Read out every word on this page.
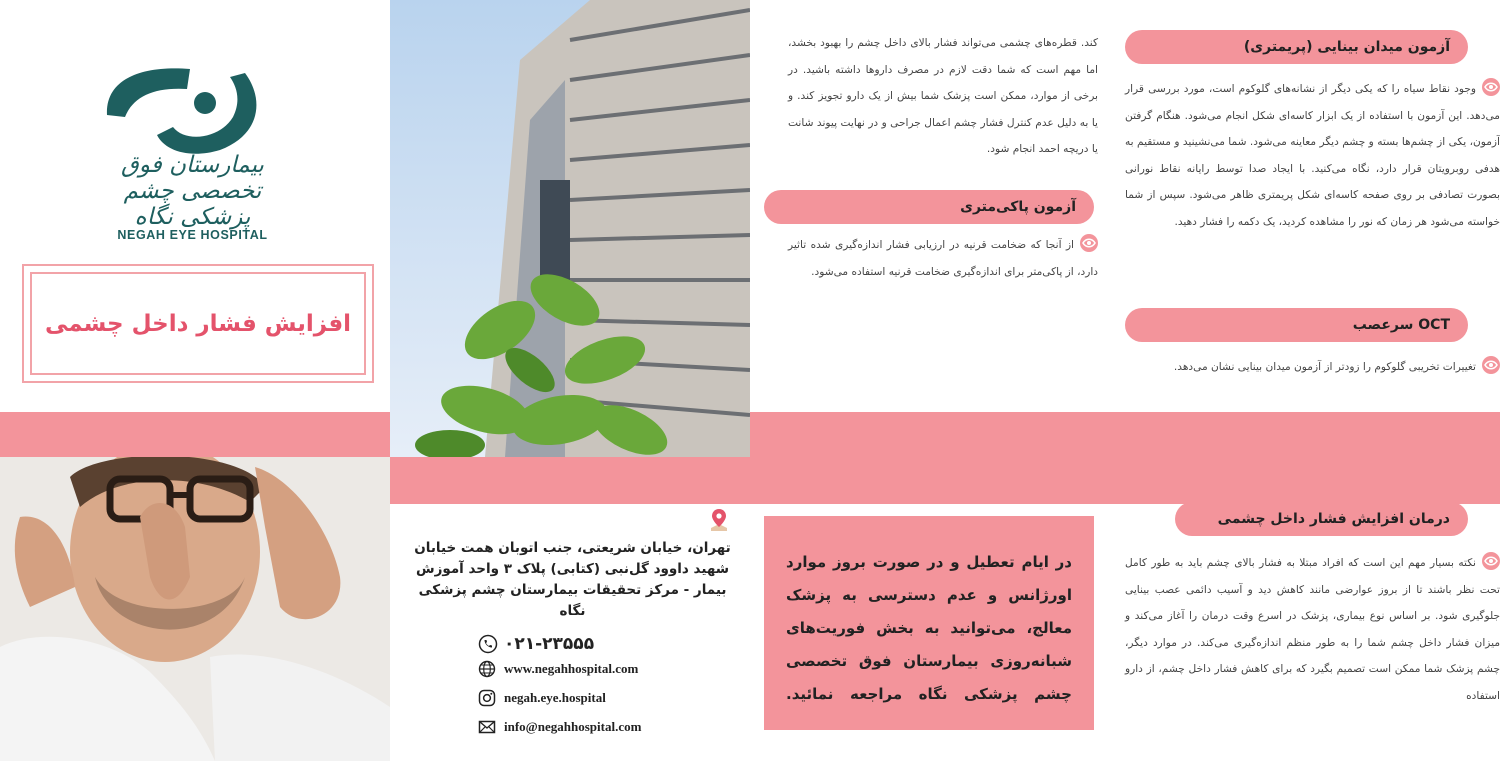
بیمارستان فوق تخصصی چشم پزشکی نگاه
NEGAH EYE HOSPITAL
افزایش فشار داخل چشمی
کند. قطره‌های چشمی می‌تواند فشار بالای داخل چشم را بهبود بخشد، اما مهم است که شما دقت لازم در مصرف داروها داشته باشید. در برخی از موارد، ممکن است پزشک شما بیش از یک دارو تجویز کند. و یا به دلیل عدم کنترل فشار چشم اعمال جراحی و در نهایت پیوند شانت یا دریچه احمد انجام شود.
آزمون پاکی‌متری
از آنجا که ضخامت قرنیه در ارزیابی فشار اندازه‌گیری شده تاثیر دارد، از پاکی‌متر برای اندازه‌گیری ضخامت قرنیه استفاده می‌شود.
آزمون میدان بینایی (پریمتری)
وجود نقاط سیاه را که یکی دیگر از نشانه‌های گلوکوم است، مورد بررسی قرار می‌دهد. این آزمون با استفاده از یک ابزار کاسه‌ای شکل انجام می‌شود. هنگام گرفتن آزمون، یکی از چشم‌ها بسته و چشم دیگر معاینه می‌شود. شما می‌نشینید و مستقیم به هدفی روبرویتان قرار دارد، نگاه می‌کنید. با ایجاد صدا توسط رایانه نقاط نورانی بصورت تصادفی بر روی صفحه کاسه‌ای شکل پریمتری ظاهر می‌شود. سپس از شما خواسته می‌شود هر زمان که نور را مشاهده کردید، یک دکمه را فشار دهید.
OCT سرعصب
تغییرات تخریبی گلوکوم را زودتر از آزمون میدان بینایی نشان می‌دهد.
درمان افزایش فشار داخل چشمی
نکته بسیار مهم این است که افراد مبتلا به فشار بالای چشم باید به طور کامل تحت نظر باشند تا از بروز عوارضی مانند کاهش دید و آسیب دائمی عصب بینایی جلوگیری شود. بر اساس نوع بیماری، پزشک در اسرع وقت درمان را آغاز می‌کند و میزان فشار داخل چشم شما را به طور منظم اندازه‌گیری می‌کند. در موارد دیگر، چشم پزشک شما ممکن است تصمیم بگیرد که برای کاهش فشار داخل چشم، از دارو استفاده
در ایام تعطیل و در صورت بروز موارد اورژانس و عدم دسترسی به پزشک معالج، می‌توانید به بخش فوریت‌های شبانه‌روزی بیمارستان فوق تخصصی چشم پزشکی نگاه مراجعه نمائید.
تهران، خیابان شریعتی، جنب اتوبان همت خیابان شهید داوود گل‌نبی (کتابی) پلاک ۳ واحد آموزش بیمار - مرکز تحقیقات بیمارستان چشم پزشکی نگاه
۰۲۱-۲۳۵۵۵
www.negahhospital.com
negah.eye.hospital
info@negahhospital.com
